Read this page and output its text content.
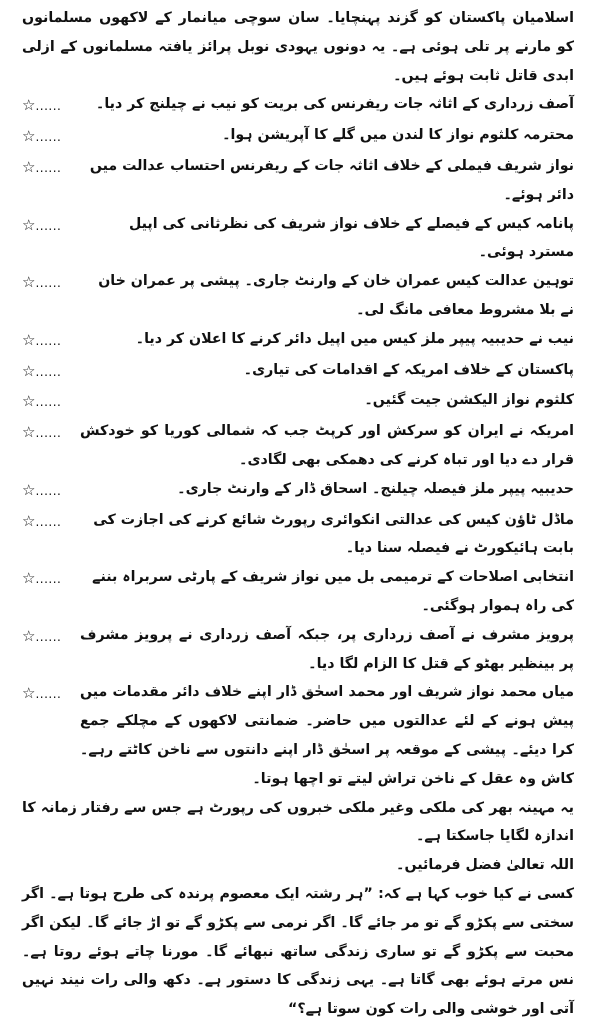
اسلامیان پاکستان کو گزند پہنچایا۔ سان سوچی میانمار کے لاکھوں مسلمانوں کو مارنے پر تلی ہوئی ہے۔ یہ دونوں یہودی نوبل پرائز یافتہ مسلمانوں کے ازلی ابدی قاتل ثابت ہوئے ہیں۔

☆......	آصف زرداری کے اثاثہ جات ریفرنس کی بریت کو نیب نے چیلنج کر دیا۔
☆......	محترمہ کلثوم نواز کا لندن میں گلے کا آپریشن ہوا۔
☆......	نواز شریف فیملی کے خلاف اثاثہ جات کے ریفرنس احتساب عدالت میں دائر ہوئے۔
☆......	پانامہ کیس کے فیصلے کے خلاف نواز شریف کی نظرثانی کی اپیل مسترد ہوئی۔
☆......	توہین عدالت کیس عمران خان کے وارنٹ جاری۔ پیشی پر عمران خان نے بلا مشروط معافی مانگ لی۔
☆......	نیب نے حدیبیہ پیپر ملز کیس میں اپیل دائر کرنے کا اعلان کر دیا۔
☆......	پاکستان کے خلاف امریکہ کے اقدامات کی تیاری۔
☆......	کلثوم نواز الیکشن جیت گئیں۔
☆......	امریکہ نے ایران کو سرکش اور کرپٹ جب کہ شمالی کوریا کو خودکش قرار دے دیا اور تباہ کرنے کی دھمکی بھی لگادی۔
☆......	حدیبیہ پیپر ملز فیصلہ چیلنج۔ اسحاق ڈار کے وارنٹ جاری۔
☆......	ماڈل ٹاؤن کیس کی عدالتی انکوائری رپورٹ شائع کرنے کی اجازت کی بابت ہائیکورٹ نے فیصلہ سنا دیا۔
☆......	انتخابی اصلاحات کے ترمیمی بل میں نواز شریف کے پارٹی سربراہ بننے کی راہ ہموار ہوگئی۔
☆......	پرویز مشرف نے آصف زرداری پر، جبکہ آصف زرداری نے پرویز مشرف پر بینظیر بھٹو کے قتل کا الزام لگا دیا۔
☆......	میاں محمد نواز شریف اور محمد اسحٰق ڈار اپنے خلاف دائر مقدمات میں پیش ہونے کے لئے عدالتوں میں حاضر۔ ضمانتی لاکھوں کے مچلکے جمع کرا دیئے۔ پیشی کے موقعہ پر اسحٰق ڈار اپنے دانتوں سے ناخن کاٹتے رہے۔ کاش وہ عقل کے ناخن تراش لیتے تو اچھا ہوتا۔

یہ مہینہ بھر کی ملکی وغیر ملکی خبروں کی رپورٹ ہے جس سے رفتار زمانہ کا اندازہ لگایا جاسکتا ہے۔

اللہ تعالیٰ فضل فرمائیں۔

کسی نے کیا خوب کہا ہے کہ: ”ہر رشتہ ایک معصوم پرندہ کی طرح ہوتا ہے۔ اگر سختی سے پکڑو گے تو مر جائے گا۔ اگر نرمی سے پکڑو گے تو اڑ جائے گا۔ لیکن اگر محبت سے پکڑو گے تو ساری زندگی ساتھ نبھائے گا۔ مورنا چاتے ہوئے روتا ہے۔ نس مرتے ہوئے بھی گاتا ہے۔ یہی زندگی کا دستور ہے۔ دکھ والی رات نیند نہیں آتی اور خوشی والی رات کون سوتا ہے؟“
